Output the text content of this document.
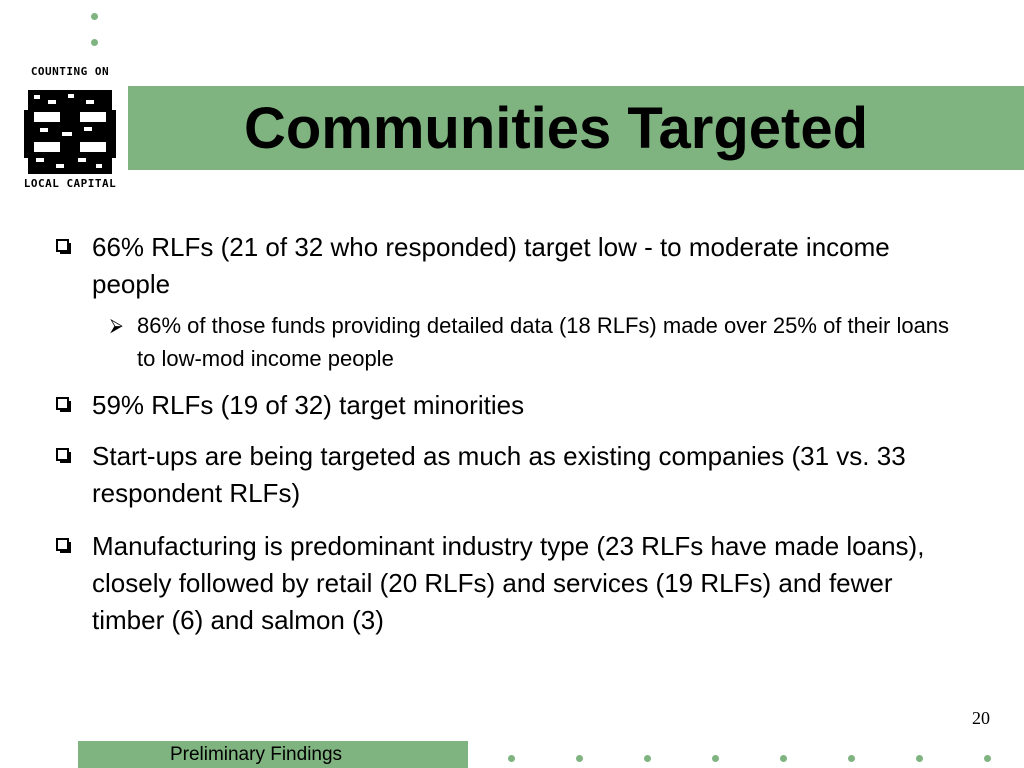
COUNTING ON
LOCAL CAPITAL
Communities Targeted
66% RLFs (21 of 32 who responded) target low - to moderate income people
⮚ 86% of those funds providing detailed data (18 RLFs) made over 25% of their loans to low-mod income people
59% RLFs (19 of 32) target minorities
Start-ups are being targeted as much as existing companies (31 vs. 33 respondent RLFs)
Manufacturing is predominant industry type (23 RLFs have made loans), closely followed by retail (20 RLFs) and services (19 RLFs) and fewer timber (6) and salmon (3)
20
Preliminary Findings
